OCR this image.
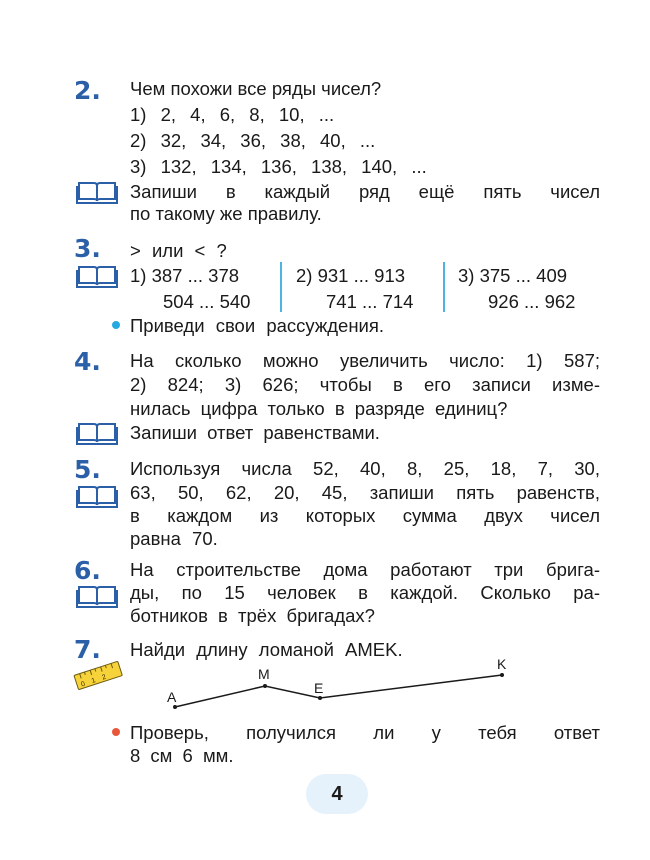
2. Чем похожи все ряды чисел?
1) 2, 4, 6, 8, 10, ...
2) 32, 34, 36, 38, 40, ...
3) 132, 134, 136, 138, 140, ...
Запиши в каждый ряд ещё пять чисел
по такому же правилу.
3. > или < ?
1) 387 ... 378
504 ... 540
2) 931 ... 913
741 ... 714
3) 375 ... 409
926 ... 962
Приведи свои рассуждения.
4. На сколько можно увеличить число: 1) 587;
2) 824; 3) 626; чтобы в его записи изме-
нилась цифра только в разряде единиц?
Запиши ответ равенствами.
5. Используя числа 52, 40, 8, 25, 18, 7, 30,
63, 50, 62, 20, 45, запиши пять равенств,
в каждом из которых сумма двух чисел
равна 70.
6. На строительстве дома работают три брига-
ды, по 15 человек в каждой. Сколько ра-
ботников в трёх бригадах?
7. Найди длину ломаной AMEK.
0 1 2
A
M
E
K
Проверь, получился ли у тебя ответ
8 см 6 мм.
4
